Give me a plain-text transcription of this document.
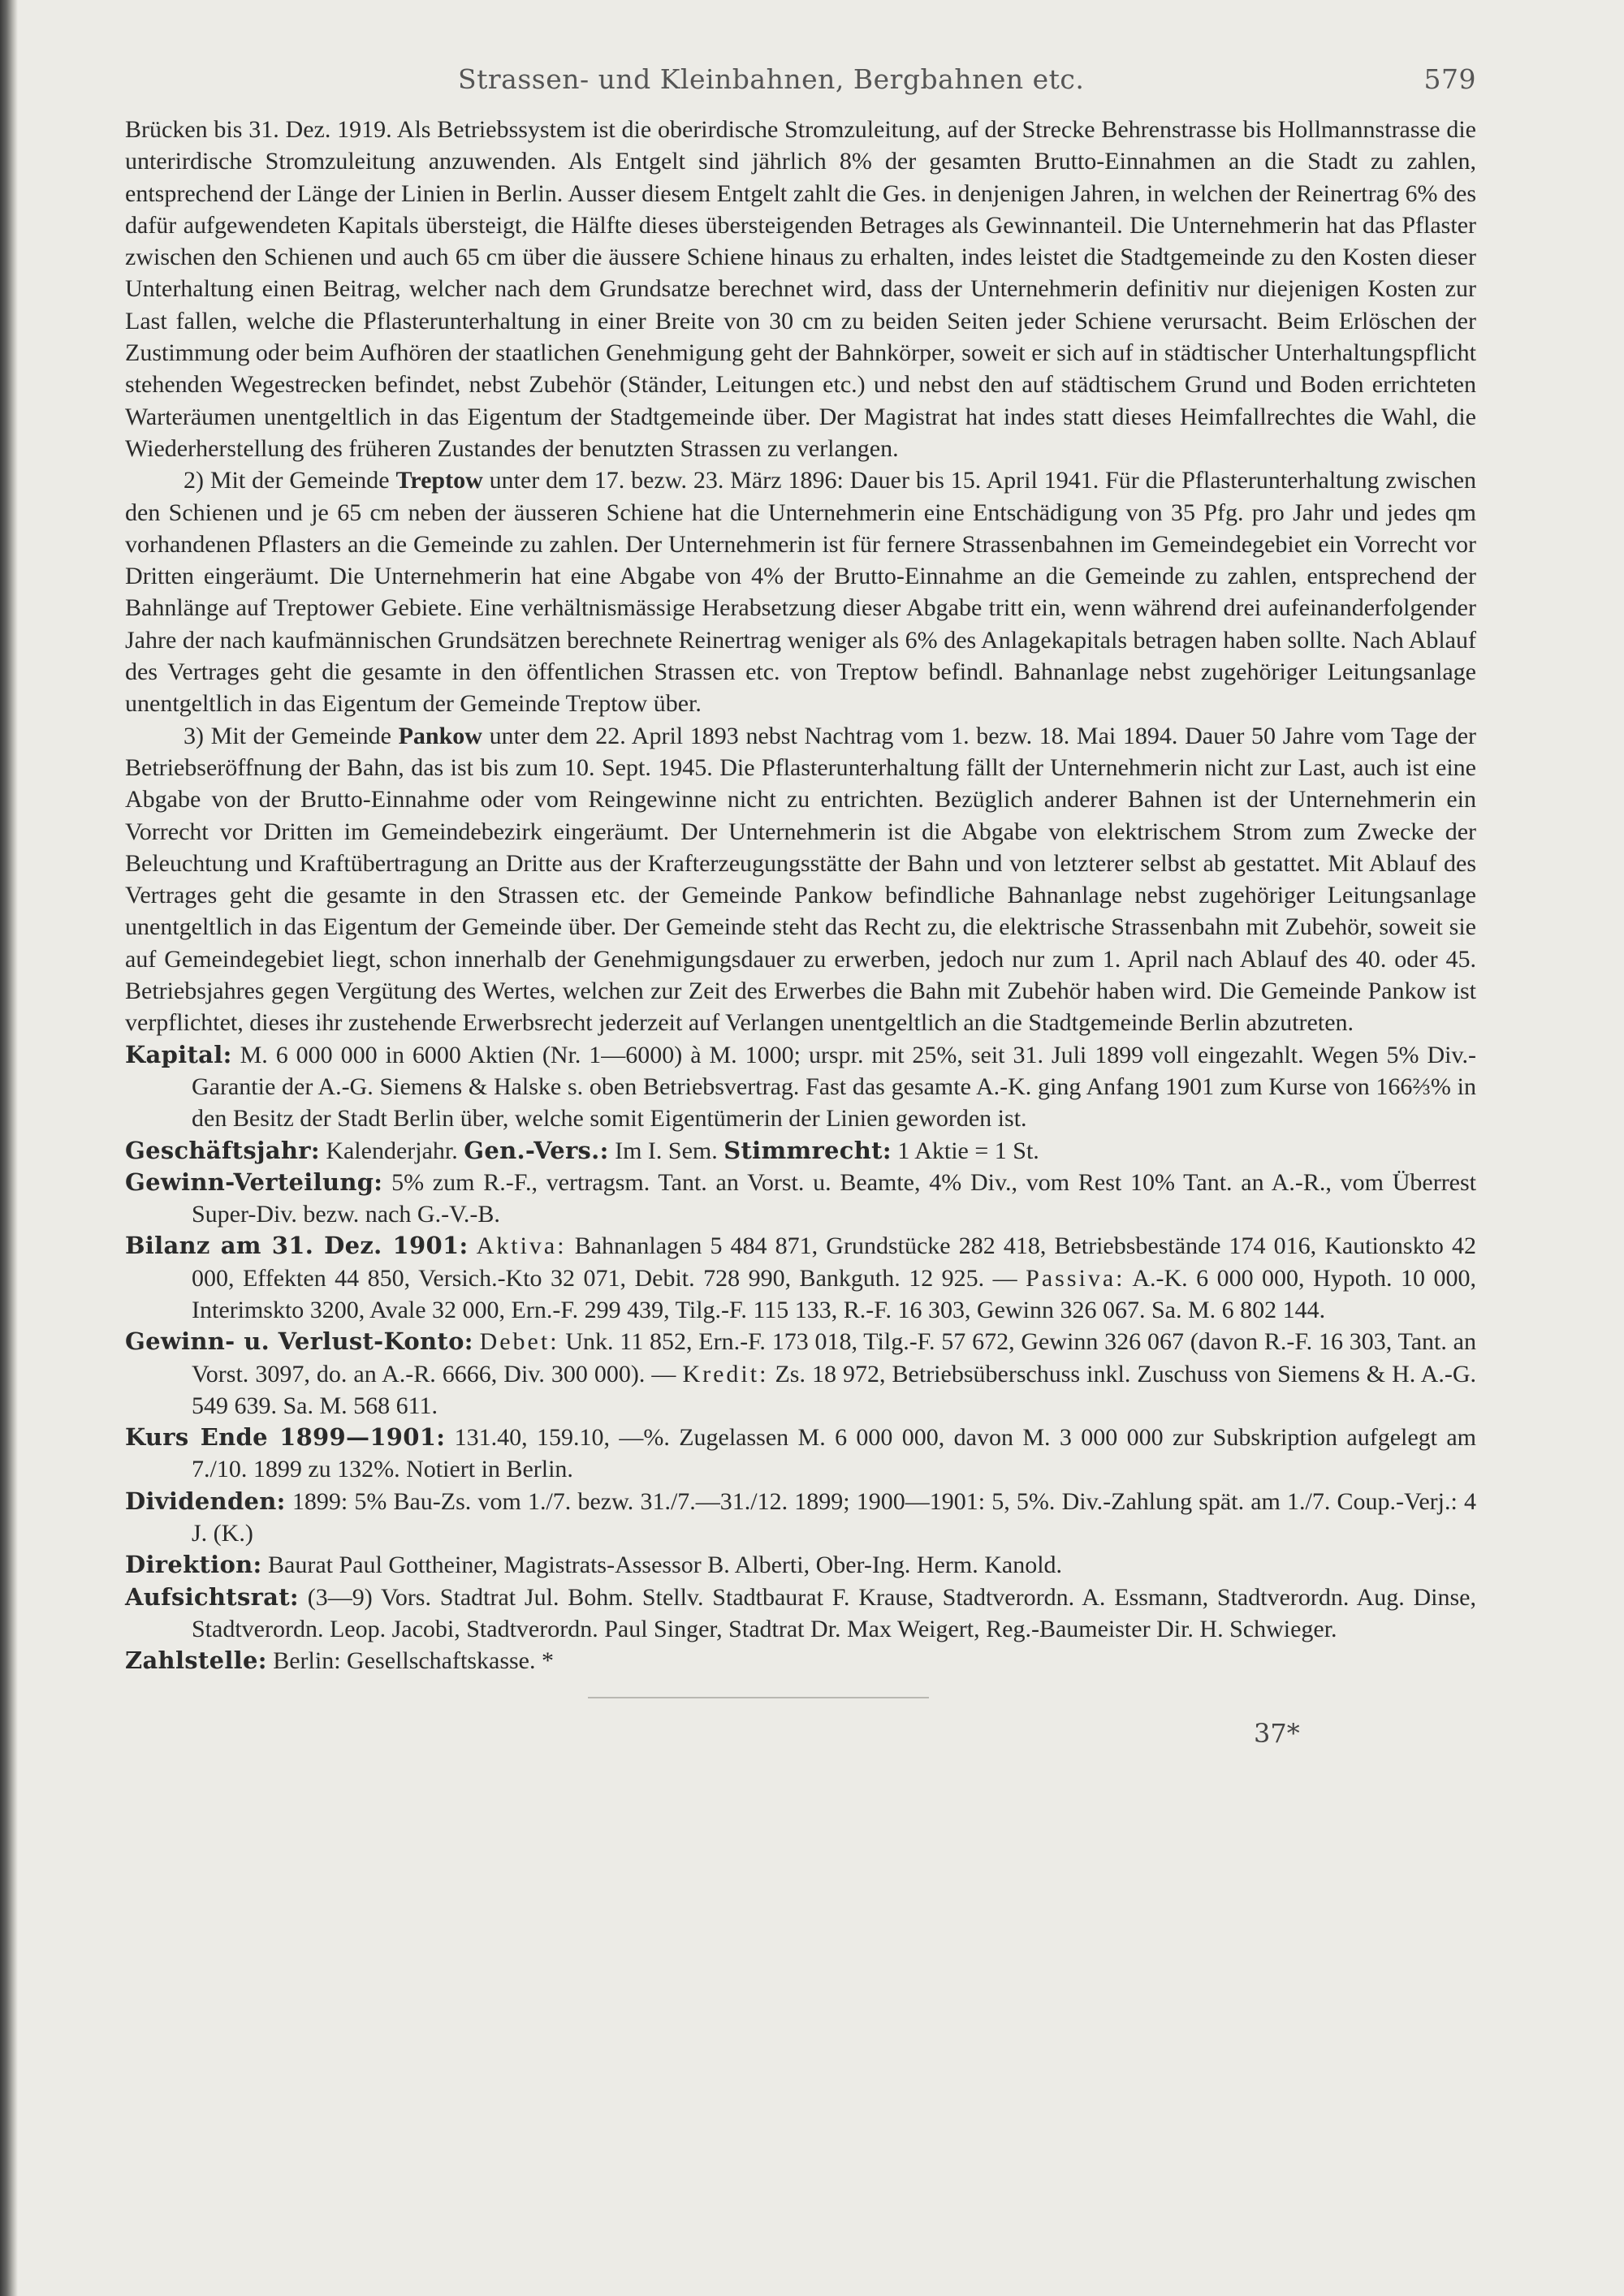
Strassen- und Kleinbahnen, Bergbahnen etc.	579

Brücken bis 31. Dez. 1919. Als Betriebssystem ist die oberirdische Stromzuleitung, auf der Strecke Behrenstrasse bis Hollmannstrasse die unterirdische Stromzuleitung anzuwenden. Als Entgelt sind jährlich 8% der gesamten Brutto-Einnahmen an die Stadt zu zahlen, entsprechend der Länge der Linien in Berlin. Ausser diesem Entgelt zahlt die Ges. in denjenigen Jahren, in welchen der Reinertrag 6% des dafür aufgewendeten Kapitals übersteigt, die Hälfte dieses übersteigenden Betrages als Gewinnanteil. Die Unternehmerin hat das Pflaster zwischen den Schienen und auch 65 cm über die äussere Schiene hinaus zu erhalten, indes leistet die Stadtgemeinde zu den Kosten dieser Unterhaltung einen Beitrag, welcher nach dem Grundsatze berechnet wird, dass der Unternehmerin definitiv nur diejenigen Kosten zur Last fallen, welche die Pflasterunterhaltung in einer Breite von 30 cm zu beiden Seiten jeder Schiene verursacht. Beim Erlöschen der Zustimmung oder beim Aufhören der staatlichen Genehmigung geht der Bahnkörper, soweit er sich auf in städtischer Unterhaltungspflicht stehenden Wegestrecken befindet, nebst Zubehör (Ständer, Leitungen etc.) und nebst den auf städtischem Grund und Boden errichteten Warteräumen unentgeltlich in das Eigentum der Stadtgemeinde über. Der Magistrat hat indes statt dieses Heimfallrechtes die Wahl, die Wiederherstellung des früheren Zustandes der benutzten Strassen zu verlangen.

2) Mit der Gemeinde Treptow unter dem 17. bezw. 23. März 1896: Dauer bis 15. April 1941. Für die Pflasterunterhaltung zwischen den Schienen und je 65 cm neben der äusseren Schiene hat die Unternehmerin eine Entschädigung von 35 Pfg. pro Jahr und jedes qm vorhandenen Pflasters an die Gemeinde zu zahlen. Der Unternehmerin ist für fernere Strassenbahnen im Gemeindegebiet ein Vorrecht vor Dritten eingeräumt. Die Unternehmerin hat eine Abgabe von 4% der Brutto-Einnahme an die Gemeinde zu zahlen, entsprechend der Bahnlänge auf Treptower Gebiete. Eine verhältnismässige Herabsetzung dieser Abgabe tritt ein, wenn während drei aufeinanderfolgender Jahre der nach kaufmännischen Grundsätzen berechnete Reinertrag weniger als 6% des Anlagekapitals betragen haben sollte. Nach Ablauf des Vertrages geht die gesamte in den öffentlichen Strassen etc. von Treptow befindl. Bahnanlage nebst zugehöriger Leitungsanlage unentgeltlich in das Eigentum der Gemeinde Treptow über.

3) Mit der Gemeinde Pankow unter dem 22. April 1893 nebst Nachtrag vom 1. bezw. 18. Mai 1894. Dauer 50 Jahre vom Tage der Betriebseröffnung der Bahn, das ist bis zum 10. Sept. 1945. Die Pflasterunterhaltung fällt der Unternehmerin nicht zur Last, auch ist eine Abgabe von der Brutto-Einnahme oder vom Reingewinne nicht zu entrichten. Bezüglich anderer Bahnen ist der Unternehmerin ein Vorrecht vor Dritten im Gemeindebezirk eingeräumt. Der Unternehmerin ist die Abgabe von elektrischem Strom zum Zwecke der Beleuchtung und Kraftübertragung an Dritte aus der Krafterzeugungsstätte der Bahn und von letzterer selbst ab gestattet. Mit Ablauf des Vertrages geht die gesamte in den Strassen etc. der Gemeinde Pankow befindliche Bahnanlage nebst zugehöriger Leitungsanlage unentgeltlich in das Eigentum der Gemeinde über. Der Gemeinde steht das Recht zu, die elektrische Strassenbahn mit Zubehör, soweit sie auf Gemeindegebiet liegt, schon innerhalb der Genehmigungsdauer zu erwerben, jedoch nur zum 1. April nach Ablauf des 40. oder 45. Betriebsjahres gegen Vergütung des Wertes, welchen zur Zeit des Erwerbes die Bahn mit Zubehör haben wird. Die Gemeinde Pankow ist verpflichtet, dieses ihr zustehende Erwerbsrecht jederzeit auf Verlangen unentgeltlich an die Stadtgemeinde Berlin abzutreten.

Kapital: M. 6 000 000 in 6000 Aktien (Nr. 1—6000) à M. 1000; urspr. mit 25%, seit 31. Juli 1899 voll eingezahlt. Wegen 5% Div.-Garantie der A.-G. Siemens & Halske s. oben Betriebsvertrag. Fast das gesamte A.-K. ging Anfang 1901 zum Kurse von 166⅔% in den Besitz der Stadt Berlin über, welche somit Eigentümerin der Linien geworden ist.

Geschäftsjahr: Kalenderjahr. Gen.-Vers.: Im I. Sem. Stimmrecht: 1 Aktie = 1 St.

Gewinn-Verteilung: 5% zum R.-F., vertragsm. Tant. an Vorst. u. Beamte, 4% Div., vom Rest 10% Tant. an A.-R., vom Überrest Super-Div. bezw. nach G.-V.-B.

Bilanz am 31. Dez. 1901: Aktiva: Bahnanlagen 5 484 871, Grundstücke 282 418, Betriebsbestände 174 016, Kautionskto 42 000, Effekten 44 850, Versich.-Kto 32 071, Debit. 728 990, Bankguth. 12 925. — Passiva: A.-K. 6 000 000, Hypoth. 10 000, Interimskto 3200, Avale 32 000, Ern.-F. 299 439, Tilg.-F. 115 133, R.-F. 16 303, Gewinn 326 067. Sa. M. 6 802 144.

Gewinn- u. Verlust-Konto: Debet: Unk. 11 852, Ern.-F. 173 018, Tilg.-F. 57 672, Gewinn 326 067 (davon R.-F. 16 303, Tant. an Vorst. 3097, do. an A.-R. 6666, Div. 300 000). — Kredit: Zs. 18 972, Betriebsüberschuss inkl. Zuschuss von Siemens & H. A.-G. 549 639. Sa. M. 568 611.

Kurs Ende 1899—1901: 131.40, 159.10, —%. Zugelassen M. 6 000 000, davon M. 3 000 000 zur Subskription aufgelegt am 7./10. 1899 zu 132%. Notiert in Berlin.

Dividenden: 1899: 5% Bau-Zs. vom 1./7. bezw. 31./7.—31./12. 1899; 1900—1901: 5, 5%. Div.-Zahlung spät. am 1./7. Coup.-Verj.: 4 J. (K.)

Direktion: Baurat Paul Gottheiner, Magistrats-Assessor B. Alberti, Ober-Ing. Herm. Kanold.

Aufsichtsrat: (3—9) Vors. Stadtrat Jul. Bohm. Stellv. Stadtbaurat F. Krause, Stadtverordn. A. Essmann, Stadtverordn. Aug. Dinse, Stadtverordn. Leop. Jacobi, Stadtverordn. Paul Singer, Stadtrat Dr. Max Weigert, Reg.-Baumeister Dir. H. Schwieger.

Zahlstelle: Berlin: Gesellschaftskasse. *

37*
